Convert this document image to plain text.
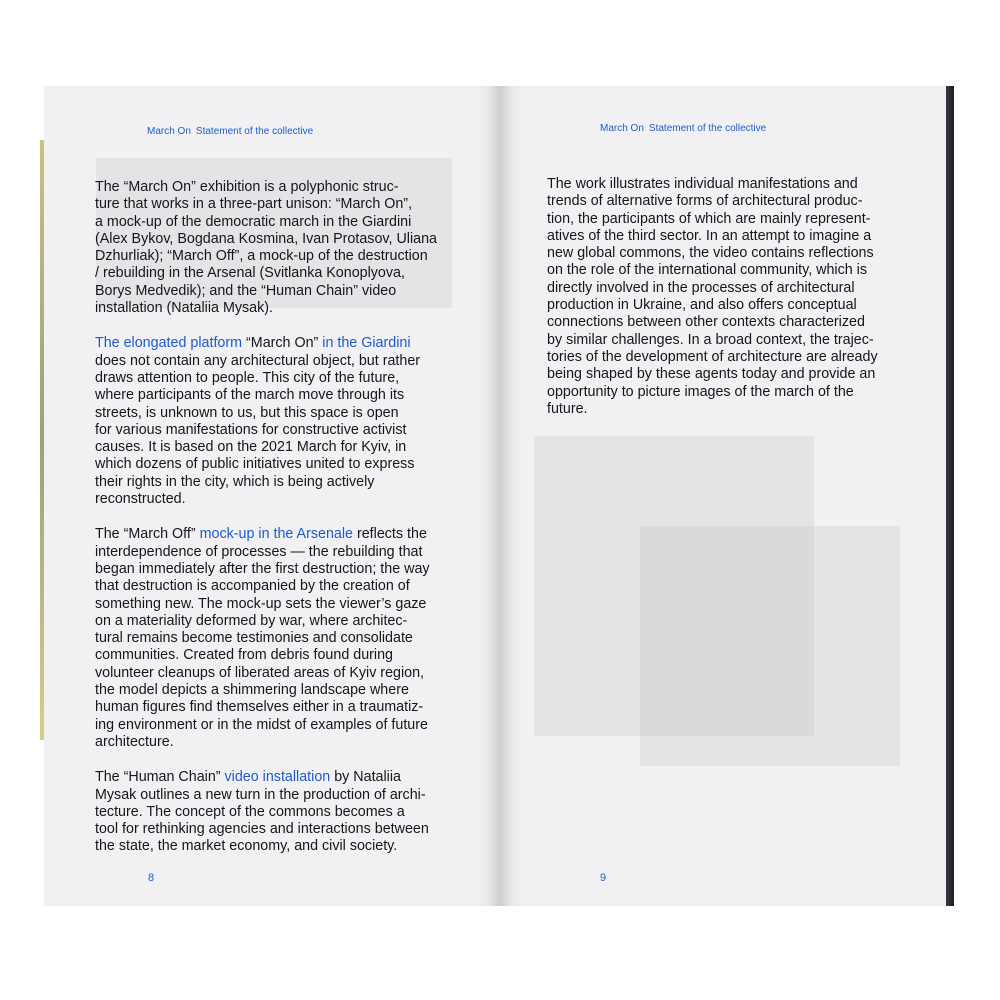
March On Statement of the collective

The “March On” exhibition is a polyphonic struc-
ture that works in a three-part unison: “March On”,
a mock-up of the democratic march in the Giardini
(Alex Bykov, Bogdana Kosmina, Ivan Protasov, Uliana
Dzhurliak); “March Off”, a mock-up of the destruction
/ rebuilding in the Arsenal (Svitlanka Konoplyova,
Borys Medvedik); and the “Human Chain” video
installation (Nataliia Mysak).

The elongated platform “March On” in the Giardini
does not contain any architectural object, but rather
draws attention to people. This city of the future,
where participants of the march move through its
streets, is unknown to us, but this space is open
for various manifestations for constructive activist
causes. It is based on the 2021 March for Kyiv, in
which dozens of public initiatives united to express
their rights in the city, which is being actively
reconstructed.

The “March Off” mock-up in the Arsenale reflects the
interdependence of processes — the rebuilding that
began immediately after the first destruction; the way
that destruction is accompanied by the creation of
something new. The mock-up sets the viewer’s gaze
on a materiality deformed by war, where architec-
tural remains become testimonies and consolidate
communities. Created from debris found during
volunteer cleanups of liberated areas of Kyiv region,
the model depicts a shimmering landscape where
human figures find themselves either in a traumatiz-
ing environment or in the midst of examples of future
architecture.

The “Human Chain” video installation by Nataliia
Mysak outlines a new turn in the production of archi-
tecture. The concept of the commons becomes a
tool for rethinking agencies and interactions between
the state, the market economy, and civil society.

8
March On Statement of the collective

The work illustrates individual manifestations and
trends of alternative forms of architectural produc-
tion, the participants of which are mainly represent-
atives of the third sector. In an attempt to imagine a
new global commons, the video contains reflections
on the role of the international community, which is
directly involved in the processes of architectural
production in Ukraine, and also offers conceptual
connections between other contexts characterized
by similar challenges. In a broad context, the trajec-
tories of the development of architecture are already
being shaped by these agents today and provide an
opportunity to picture images of the march of the
future.

9
